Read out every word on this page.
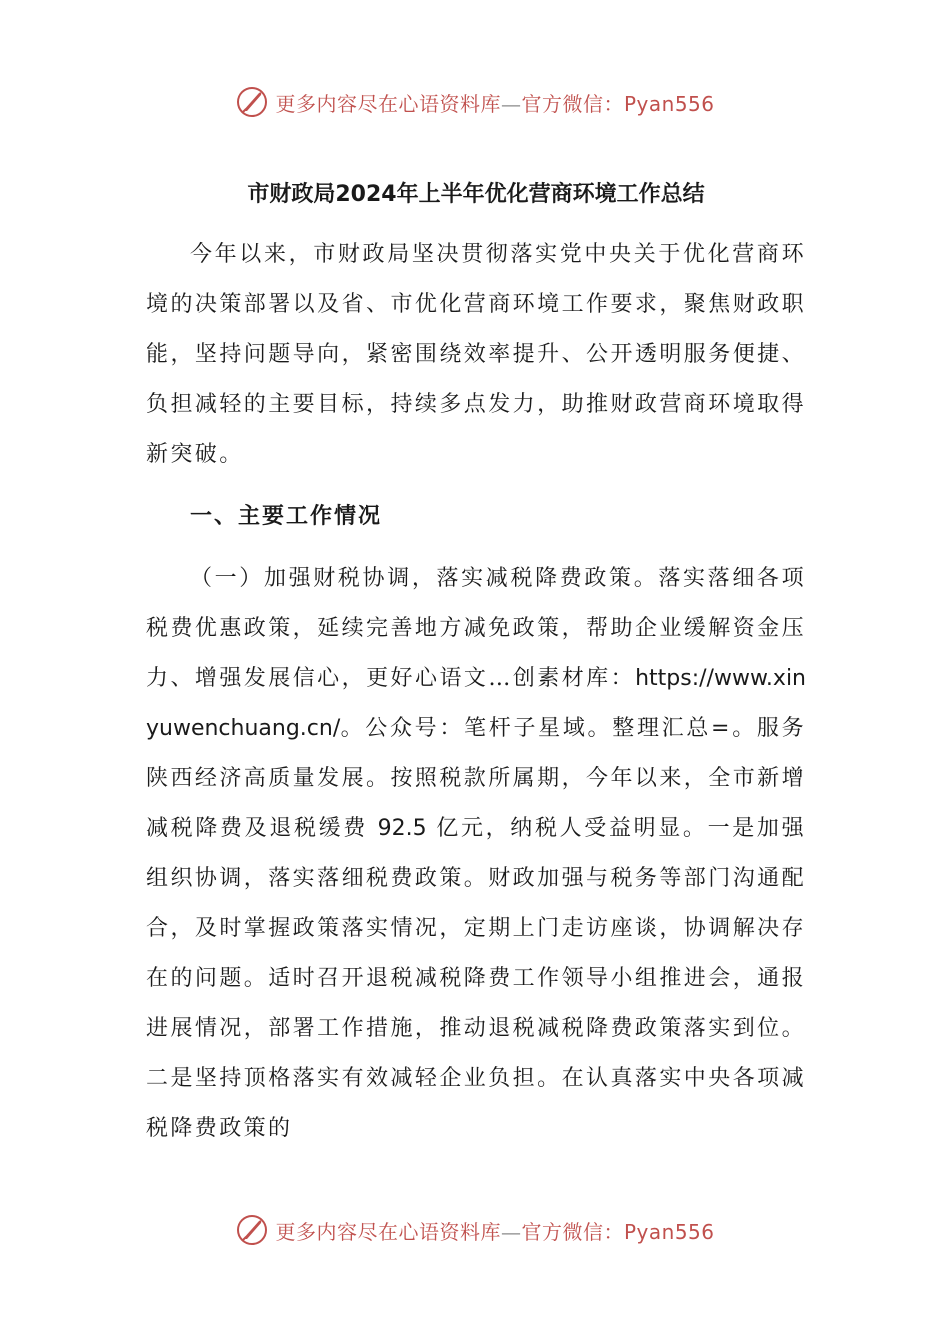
更多内容尽在心语资料库—官方微信：Pyan556
市财政局2024年上半年优化营商环境工作总结

今年以来，市财政局坚决贯彻落实党中央关于优化营商环境的决策部署以及省、市优化营商环境工作要求，聚焦财政职能，坚持问题导向，紧密围绕效率提升、公开透明服务便捷、负担减轻的主要目标，持续多点发力，助推财政营商环境取得新突破。

一、主要工作情况

（一）加强财税协调，落实减税降费政策。落实落细各项税费优惠政策，延续完善地方减免政策，帮助企业缓解资金压力、增强发展信心，更好心语文…创素材库：https://www.xinyuwenchuang.cn/。公众号：笔杆子星域。整理汇总=。服务陕西经济高质量发展。按照税款所属期，今年以来，全市新增减税降费及退税缓费 92.5 亿元，纳税人受益明显。一是加强组织协调，落实落细税费政策。财政加强与税务等部门沟通配合，及时掌握政策落实情况，定期上门走访座谈，协调解决存在的问题。适时召开退税减税降费工作领导小组推进会，通报进展情况，部署工作措施，推动退税减税降费政策落实到位。二是坚持顶格落实有效减轻企业负担。在认真落实中央各项减税降费政策的

更多内容尽在心语资料库—官方微信：Pyan556
